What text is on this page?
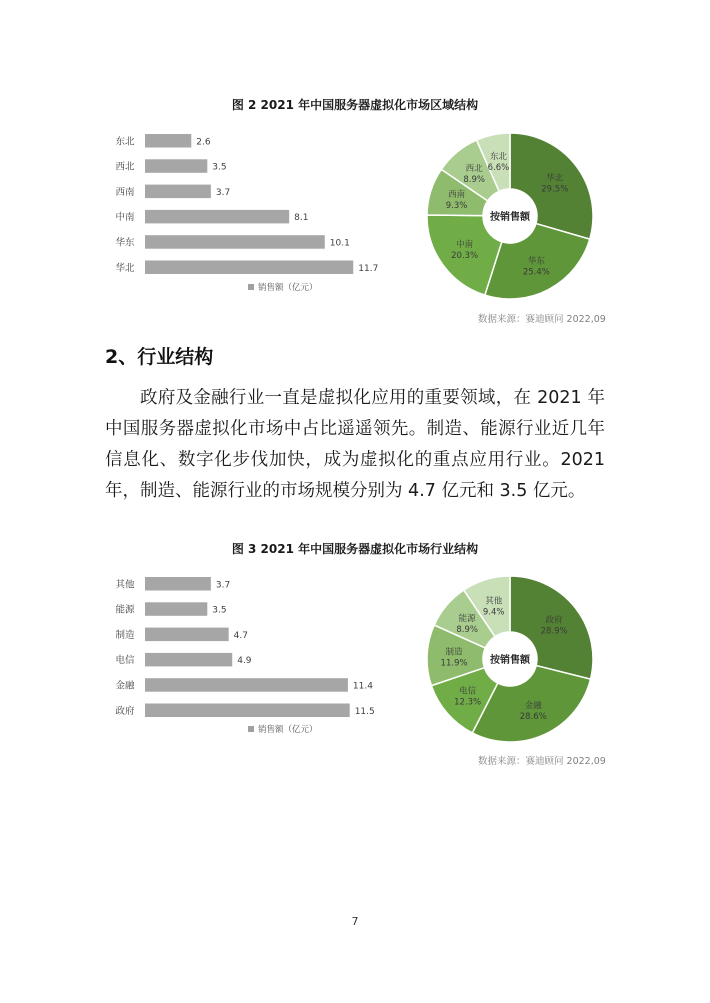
图 2 2021 年中国服务器虚拟化市场区域结构
东北	2.6
西北	3.5
西南	3.7
中南	8.1
华东	10.1
华北	11.7
销售额（亿元）
华北
29.5%
华东
25.4%
中南
20.3%
西南
9.3%
西北
8.9%
东北
6.6%
按销售额
数据来源：赛迪顾问 2022,09
2、行业结构
政府及金融行业一直是虚拟化应用的重要领域，在 2021 年中国服务器虚拟化市场中占比遥遥领先。制造、能源行业近几年信息化、数字化步伐加快，成为虚拟化的重点应用行业。2021 年，制造、能源行业的市场规模分别为 4.7 亿元和 3.5 亿元。
图 3 2021 年中国服务器虚拟化市场行业结构
其他	3.7
能源	3.5
制造	4.7
电信	4.9
金融	11.4
政府	11.5
销售额（亿元）
政府
28.9%
金融
28.6%
电信
12.3%
制造
11.9%
能源
8.9%
其他
9.4%
按销售额
数据来源：赛迪顾问 2022,09
7
